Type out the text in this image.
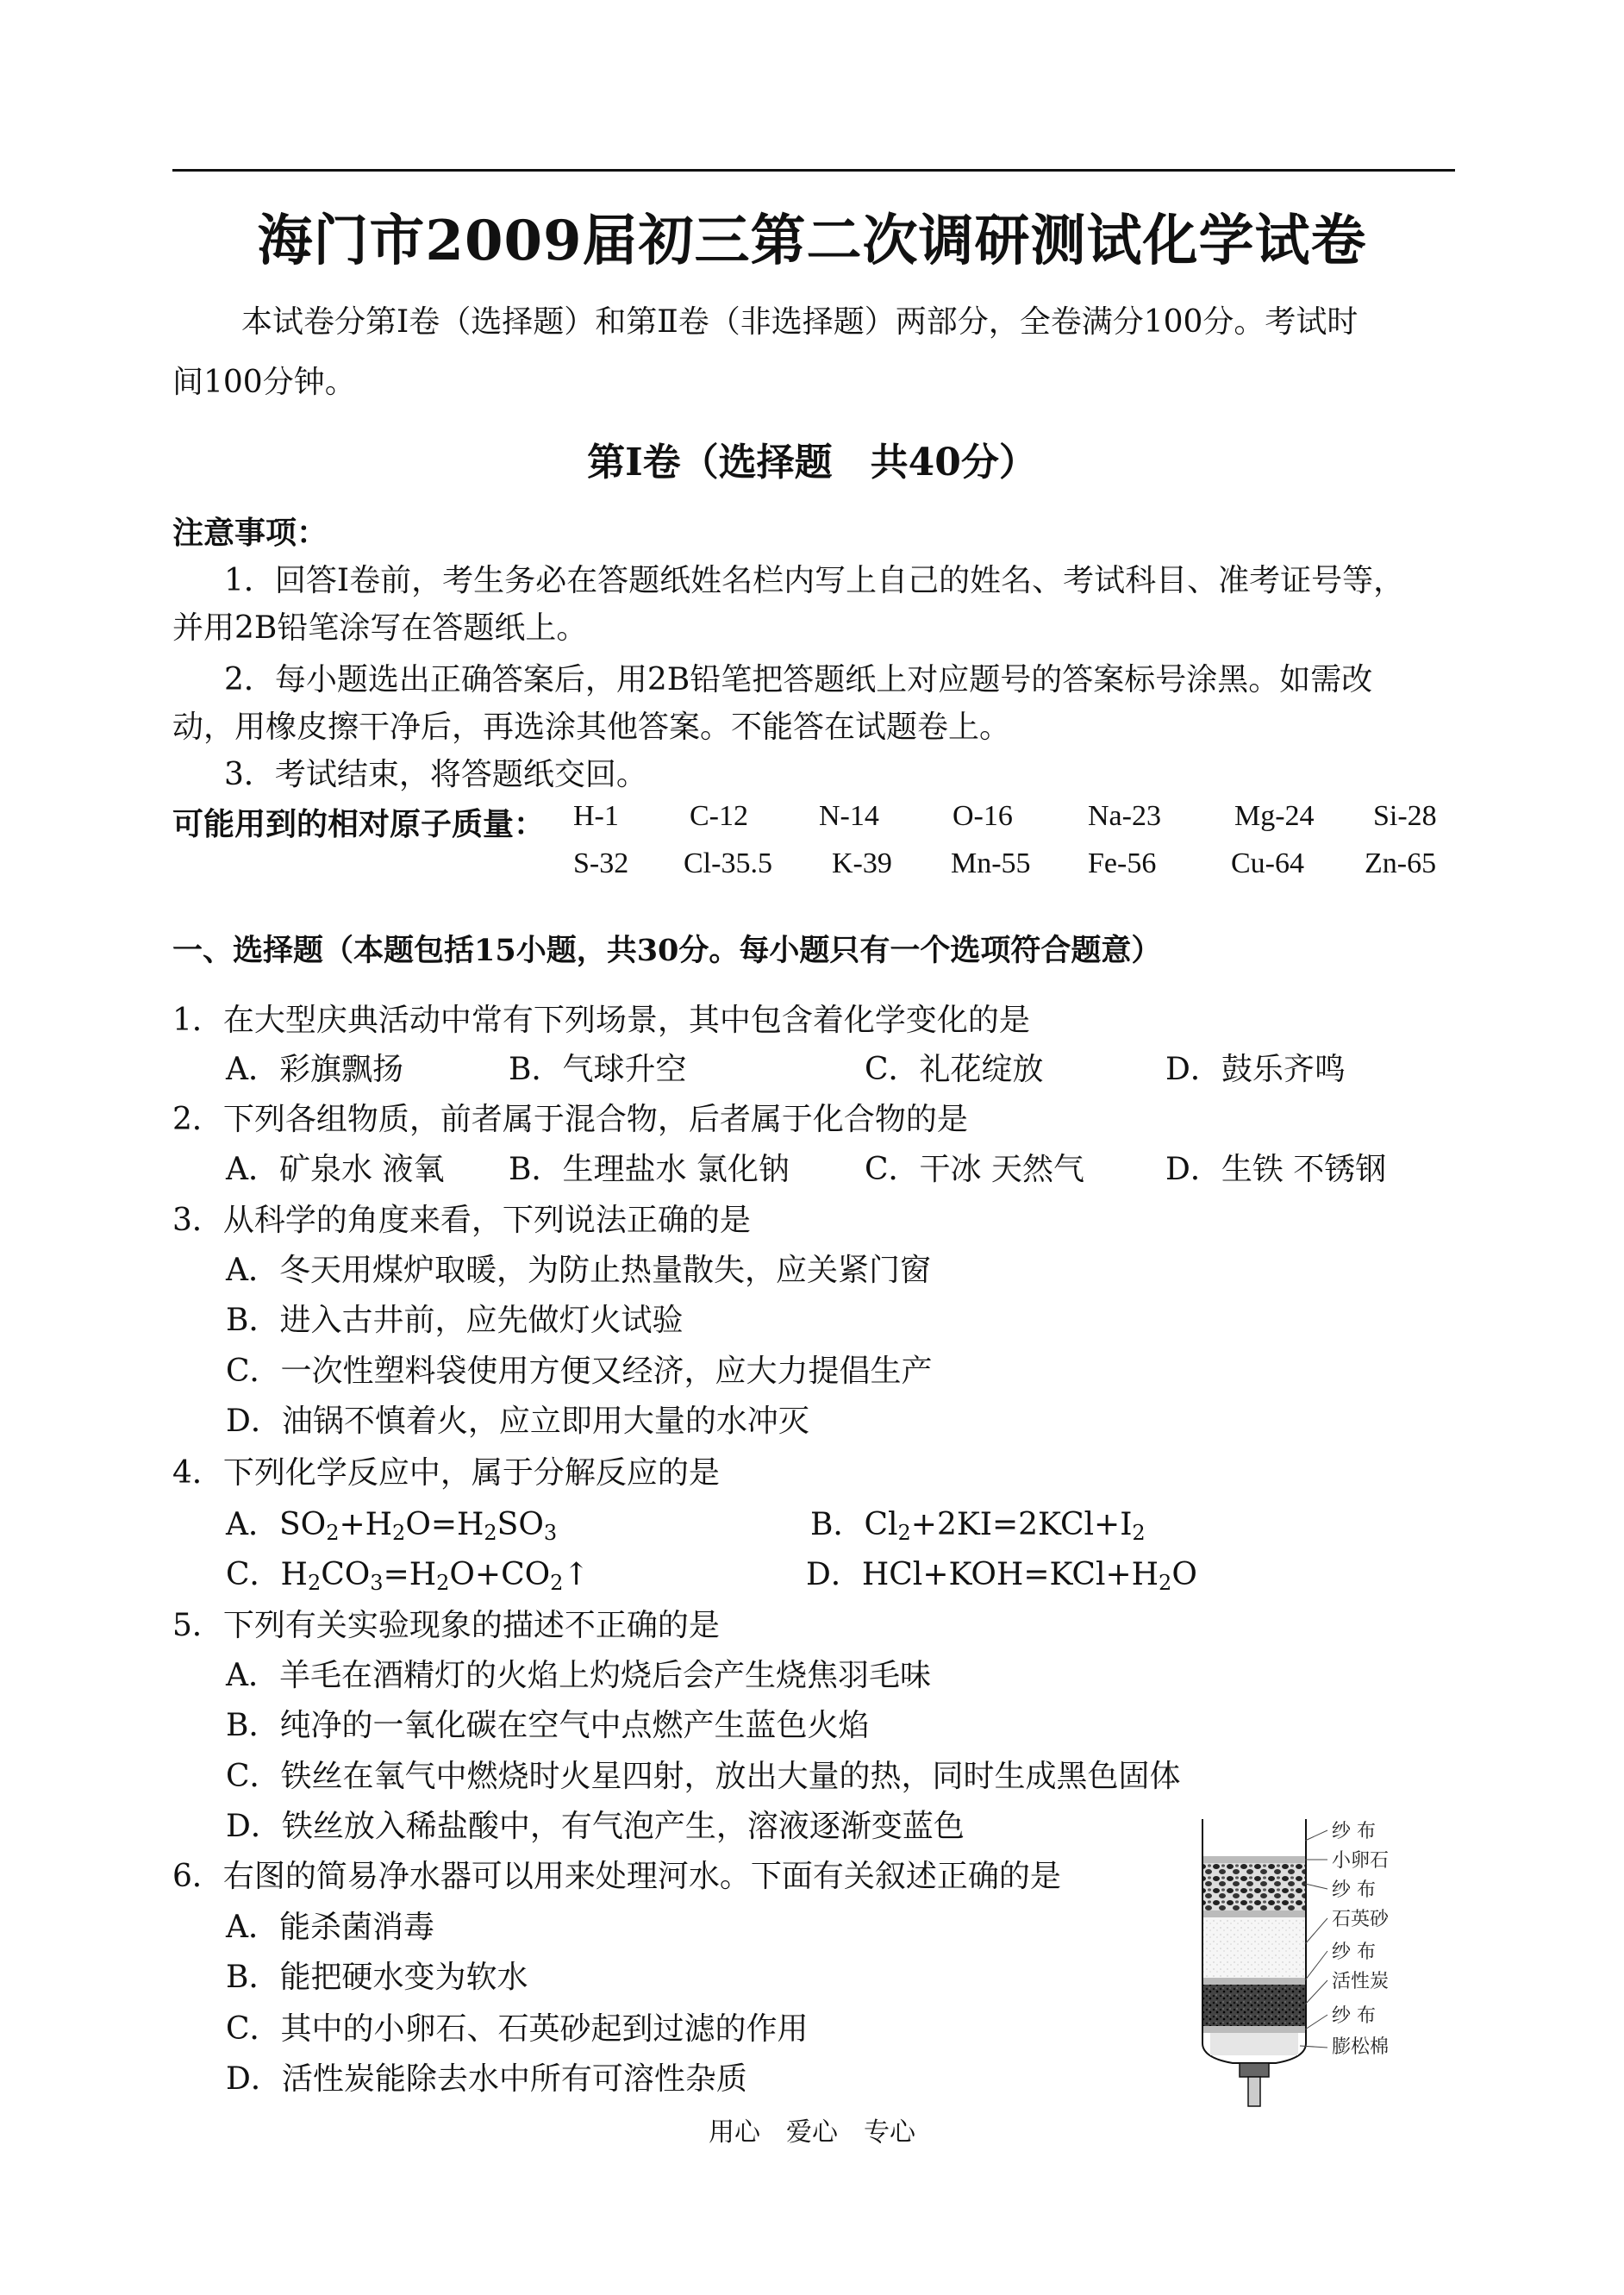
海门市2009届初三第二次调研测试化学试卷
本试卷分第Ⅰ卷（选择题）和第Ⅱ卷（非选择题）两部分，全卷满分100分。考试时
间100分钟。
第Ⅰ卷（选择题　共40分）
注意事项：
1．回答Ⅰ卷前，考生务必在答题纸姓名栏内写上自己的姓名、考试科目、准考证号等，
并用2B铅笔涂写在答题纸上。
2．每小题选出正确答案后，用2B铅笔把答题纸上对应题号的答案标号涂黑。如需改
动，用橡皮擦干净后，再选涂其他答案。不能答在试题卷上。
3．考试结束，将答题纸交回。
可能用到的相对原子质量： H-1 C-12 N-14	O-16	Na-23	Mg-24 Si-28
S-32 Cl-35.5 K-39 Mn-55 Fe-56	Cu-64 Zn-65
一、选择题（本题包括15小题，共30分。每小题只有一个选项符合题意）
1．在大型庆典活动中常有下列场景，其中包含着化学变化的是
A．彩旗飘扬	B．气球升空	C．礼花绽放	D．鼓乐齐鸣
2．下列各组物质，前者属于混合物，后者属于化合物的是
A．矿泉水 液氧 B．生理盐水 氯化钠 C．干冰 天然气	D．生铁 不锈钢
3．从科学的角度来看，下列说法正确的是
A．冬天用煤炉取暖，为防止热量散失，应关紧门窗
B．进入古井前，应先做灯火试验
C．一次性塑料袋使用方便又经济，应大力提倡生产
D．油锅不慎着火，应立即用大量的水冲灭
4．下列化学反应中，属于分解反应的是
A．$SO_2+H_2O=H_2SO_3$	B．$Cl_2+2KI=2KCl+I_2$
C．$H_2CO_3=H_2O+CO_2↑$	D．$HCl+KOH=KCl+H_2O$
5．下列有关实验现象的描述不正确的是
A．羊毛在酒精灯的火焰上灼烧后会产生烧焦羽毛味
B．纯净的一氧化碳在空气中点燃产生蓝色火焰
C．铁丝在氧气中燃烧时火星四射，放出大量的热，同时生成黑色固体
D．铁丝放入稀盐酸中，有气泡产生，溶液逐渐变蓝色
6．右图的简易净水器可以用来处理河水。下面有关叙述正确的是
A．能杀菌消毒
B．能把硬水变为软水
C．其中的小卵石、石英砂起到过滤的作用
D．活性炭能除去水中所有可溶性杂质
纱 布
小卵石
纱 布
石英砂
纱 布
活性炭
纱 布
膨松棉
用心　爱心　专心
